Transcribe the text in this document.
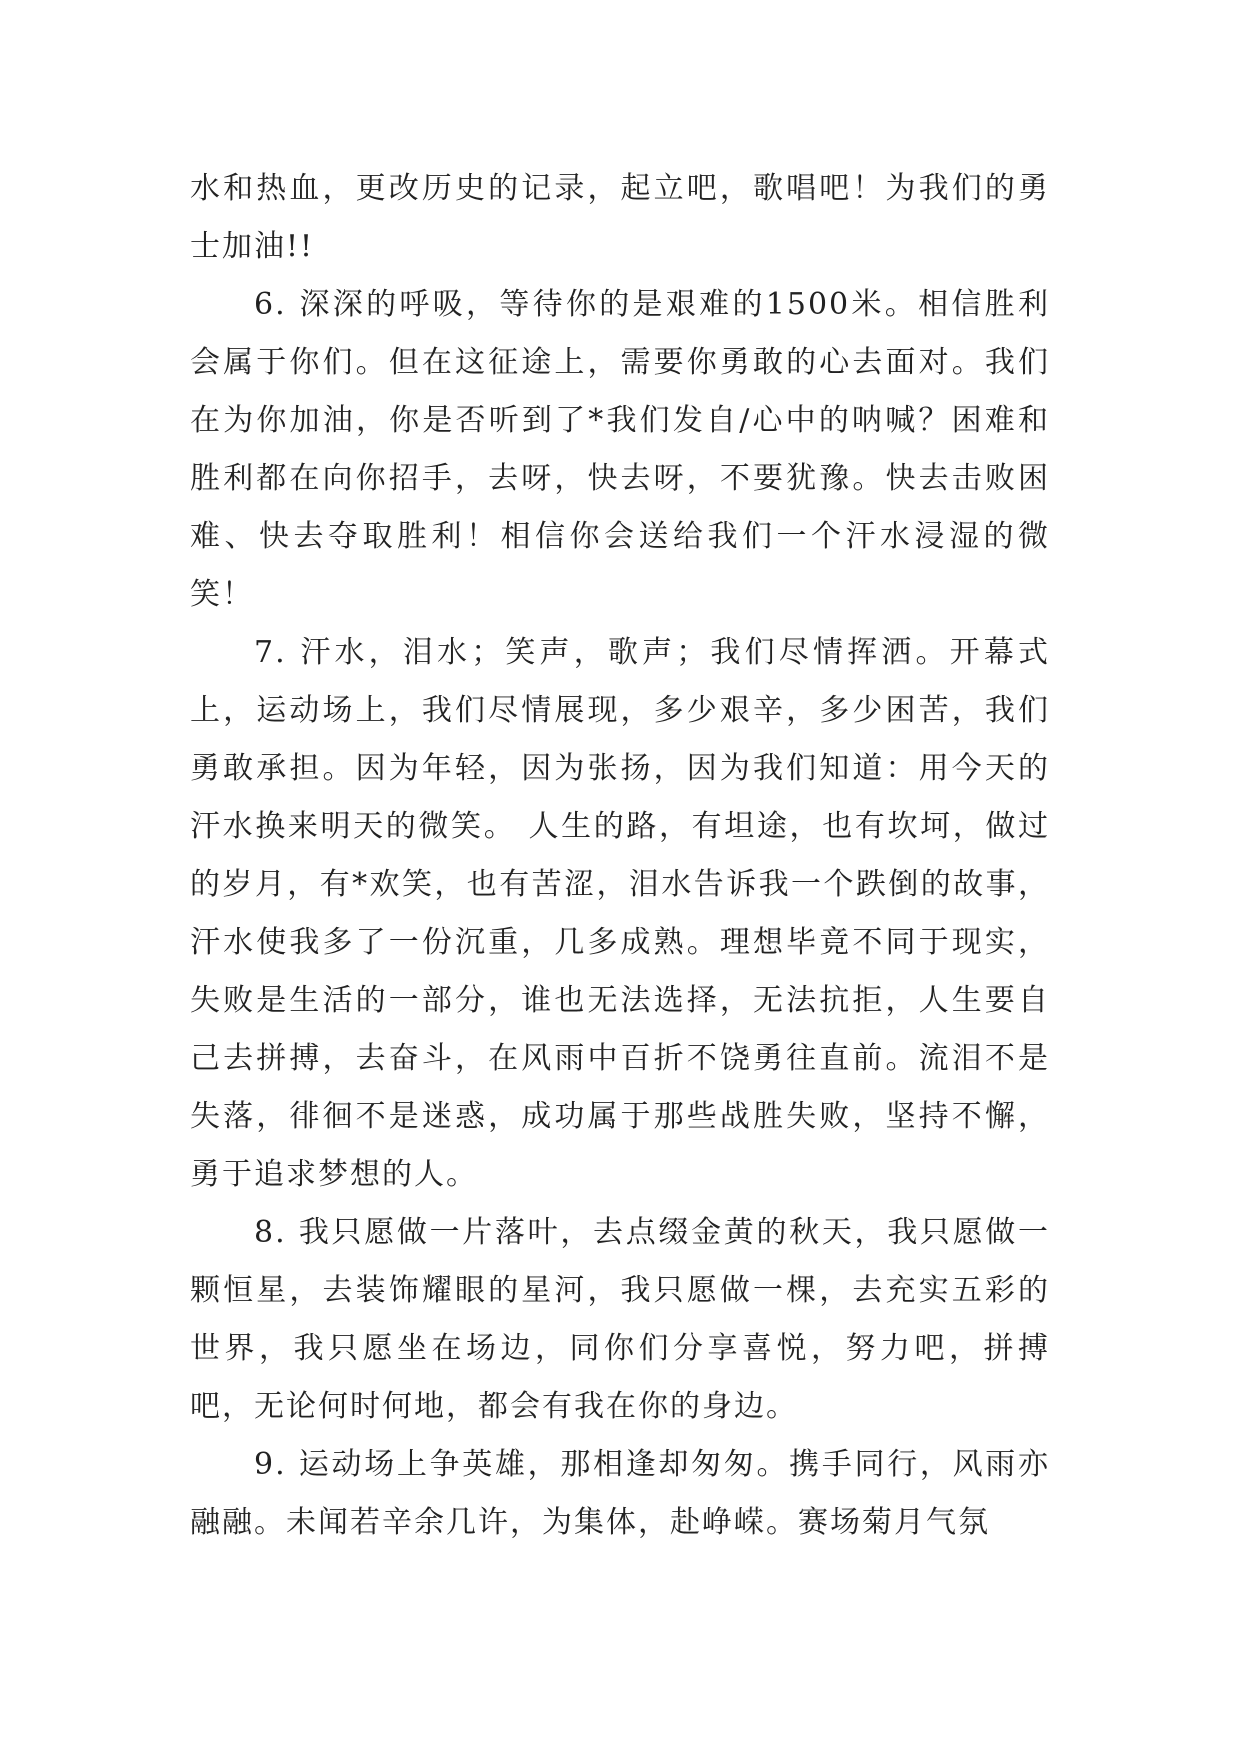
水和热血，更改历史的记录，起立吧，歌唱吧！为我们的勇士加油!!

6. 深深的呼吸，等待你的是艰难的1500米。相信胜利会属于你们。但在这征途上，需要你勇敢的心去面对。我们在为你加油，你是否听到了*我们发自/心中的呐喊？困难和胜利都在向你招手，去呀，快去呀，不要犹豫。快去击败困难、快去夺取胜利！相信你会送给我们一个汗水浸湿的微笑！

7. 汗水，泪水；笑声，歌声；我们尽情挥洒。开幕式上，运动场上，我们尽情展现，多少艰辛，多少困苦，我们勇敢承担。因为年轻，因为张扬，因为我们知道：用今天的汗水换来明天的微笑。 人生的路，有坦途，也有坎坷，做过的岁月，有*欢笑，也有苦涩，泪水告诉我一个跌倒的故事，汗水使我多了一份沉重，几多成熟。理想毕竟不同于现实，失败是生活的一部分，谁也无法选择，无法抗拒，人生要自己去拼搏，去奋斗，在风雨中百折不饶勇往直前。流泪不是失落，徘徊不是迷惑，成功属于那些战胜失败，坚持不懈，勇于追求梦想的人。

8. 我只愿做一片落叶，去点缀金黄的秋天，我只愿做一颗恒星，去装饰耀眼的星河，我只愿做一棵，去充实五彩的世界，我只愿坐在场边，同你们分享喜悦，努力吧，拼搏吧，无论何时何地，都会有我在你的身边。

9. 运动场上争英雄，那相逢却匆匆。携手同行，风雨亦融融。未闻若辛余几许，为集体，赴峥嵘。赛场菊月气氛
